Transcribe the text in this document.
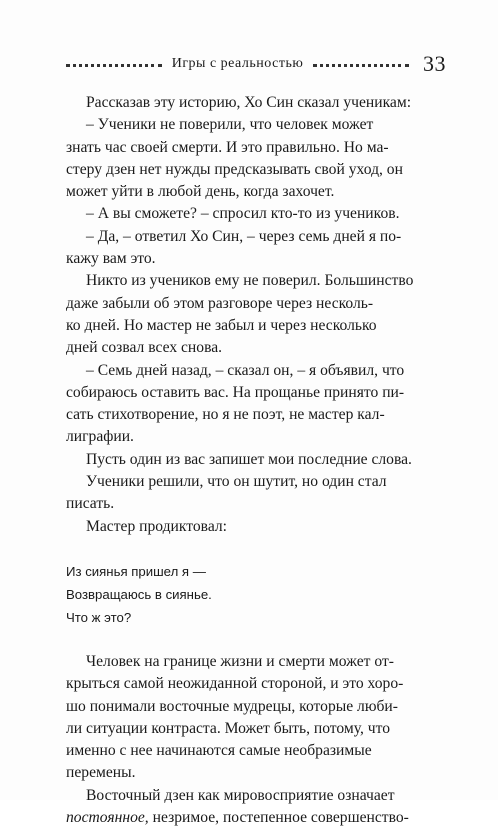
Игры с реальностью	33

Рассказав эту историю, Хо Син сказал ученикам:

– Ученики не поверили, что человек может
знать час своей смерти. И это правильно. Но ма-
стеру дзен нет нужды предсказывать свой уход, он
может уйти в любой день, когда захочет.

– А вы сможете? – спросил кто-то из учеников.

– Да, – ответил Хо Син, – через семь дней я по-
кажу вам это.

Никто из учеников ему не поверил. Большинство
даже забыли об этом разговоре через несколь-
ко дней. Но мастер не забыл и через несколько
дней созвал всех снова.

– Семь дней назад, – сказал он, – я объявил, что
собираюсь оставить вас. На прощанье принято пи-
сать стихотворение, но я не поэт, не мастер кал-
лиграфии.

Пусть один из вас запишет мои последние слова.

Ученики решили, что он шутит, но один стал
писать.

Мастер продиктовал:

Из сиянья пришел я —
Возвращаюсь в сиянье.
Что ж это?

Человек на границе жизни и смерти может от-
крыться самой неожиданной стороной, и это хоро-
шо понимали восточные мудрецы, которые люби-
ли ситуации контраста. Может быть, потому, что
именно с нее начинаются самые необразимые
перемены.

Восточный дзен как мировосприятие означает
постоянное, незримое, постепенное совершенство-
